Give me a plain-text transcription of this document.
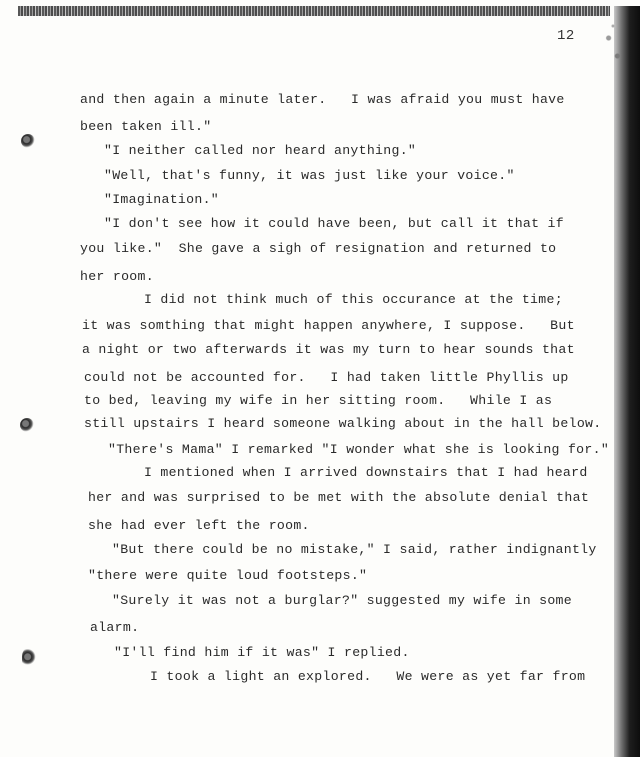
12
and then again a minute later.   I was afraid you must have
been taken ill."
"I neither called nor heard anything."
"Well, that's funny, it was just like your voice."
"Imagination."
"I don't see how it could have been, but call it that if
you like."  She gave a sigh of resignation and returned to
her room.
I did not think much of this occurance at the time;
it was somthing that might happen anywhere, I suppose.   But
a night or two afterwards it was my turn to hear sounds that
could not be accounted for.   I had taken little Phyllis up
to bed, leaving my wife in her sitting room.   While I as
still upstairs I heard someone walking about in the hall below.
"There's Mama" I remarked "I wonder what she is looking for."
I mentioned when I arrived downstairs that I had heard
her and was surprised to be met with the absolute denial that
she had ever left the room.
"But there could be no mistake," I said, rather indignantly
"there were quite loud footsteps."
"Surely it was not a burglar?" suggested my wife in some
alarm.
"I'll find him if it was" I replied.
I took a light an explored.   We were as yet far from
